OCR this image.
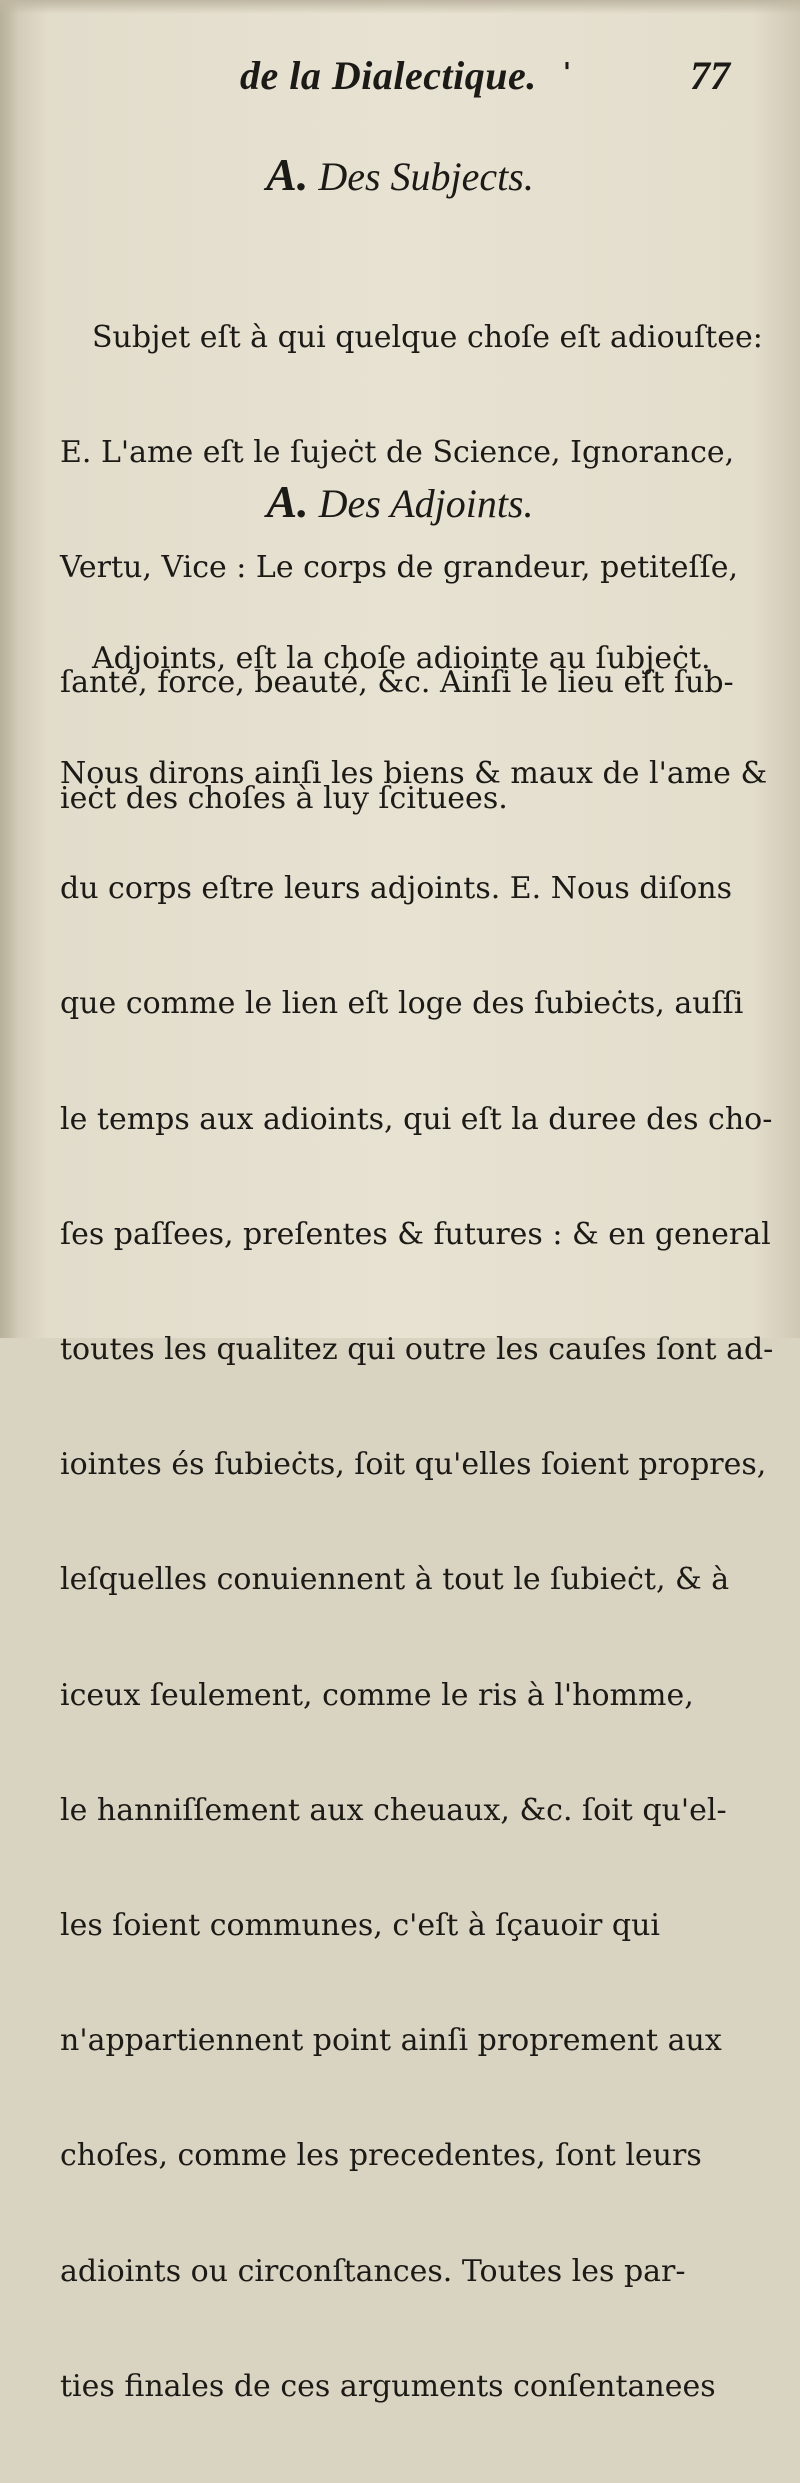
de la Dialectique. '	77
A. Des Subjects.

Subjet eſt à qui quelque choſe eſt adiouſtee:

E. L'ame eſt le ſujeċt de Science, Ignorance,

Vertu, Vice : Le corps de grandeur, petiteſſe,

ſanté, force, beauté, &c. Ainſi le lieu eſt ſub-

ieċt des choſes à luy ſcituees.

A. Des Adjoints.

Adjoints, eſt la choſe adiointe au ſubjeċt.

Nous dirons ainſi les biens & maux de l'ame &

du corps eſtre leurs adjoints. E. Nous diſons

que comme le lien eſt loge des ſubieċts, auſſi

le temps aux adioints, qui eſt la duree des cho-

ſes paſſees, preſentes & futures : & en general

toutes les qualitez qui outre les cauſes ſont ad-

iointes és ſubieċts, ſoit qu'elles ſoient propres,

leſquelles conuiennent à tout le ſubieċt, & à

iceux ſeulement, comme le ris à l'homme,

le hanniſſement aux cheuaux, &c. ſoit qu'el-

les ſoient communes, c'eſt à ſçauoir qui

n'appartiennent point ainſi proprement aux

choſes, comme les precedentes, ſont leurs

adioints ou circonſtances. Toutes les par-

ties finales de ces arguments conſentanees
